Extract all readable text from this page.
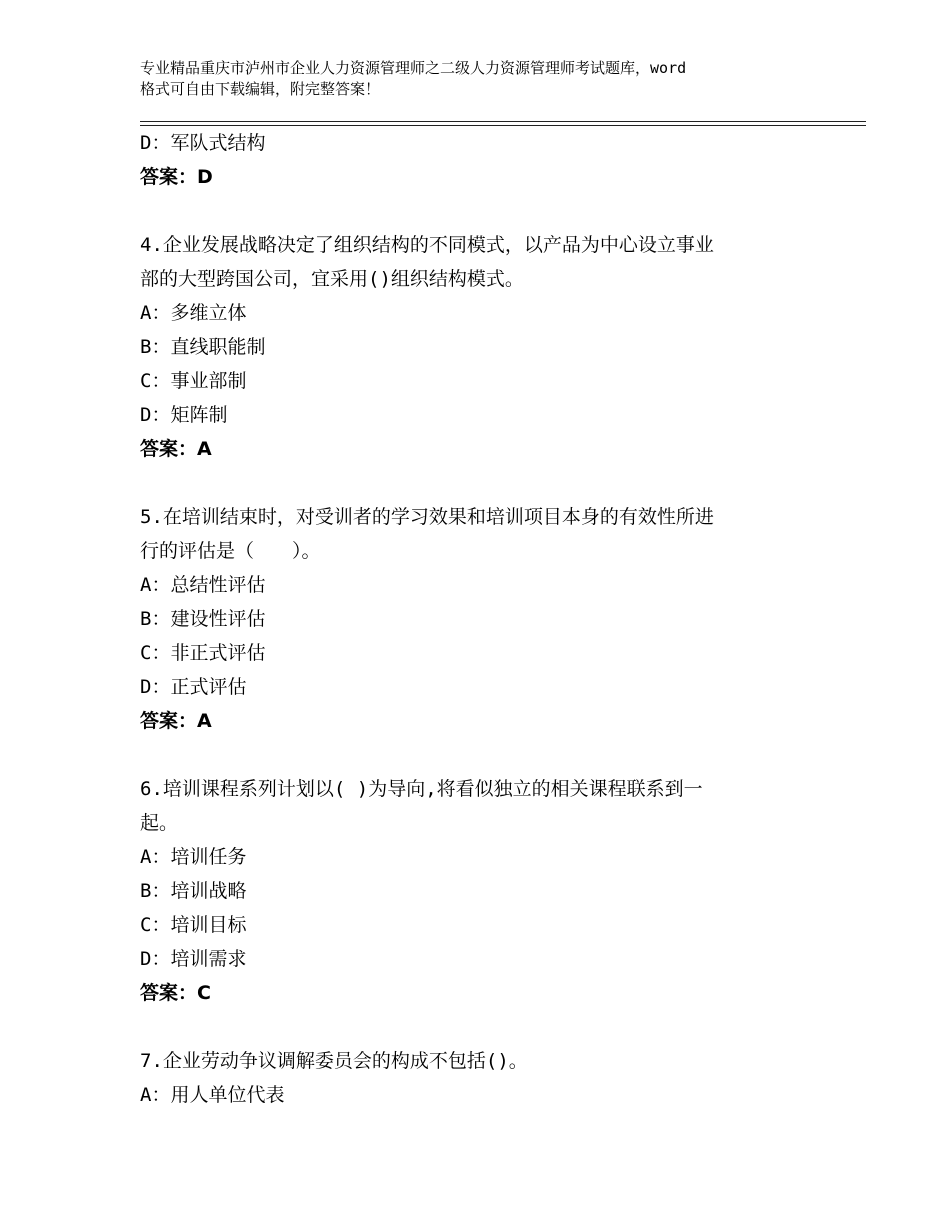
专业精品重庆市泸州市企业人力资源管理师之二级人力资源管理师考试题库，word
格式可自由下载编辑，附完整答案！
D：军队式结构
答案：D
4.企业发展战略决定了组织结构的不同模式，以产品为中心设立事业
部的大型跨国公司，宜采用()组织结构模式。
A：多维立体
B：直线职能制
C：事业部制
D：矩阵制
答案：A
5.在培训结束时，对受训者的学习效果和培训项目本身的有效性所进
行的评估是（　　）。
A：总结性评估
B：建设性评估
C：非正式评估
D：正式评估
答案：A
6.培训课程系列计划以( )为导向,将看似独立的相关课程联系到一
起。
A：培训任务
B：培训战略
C：培训目标
D：培训需求
答案：C
7.企业劳动争议调解委员会的构成不包括()。
A：用人单位代表
